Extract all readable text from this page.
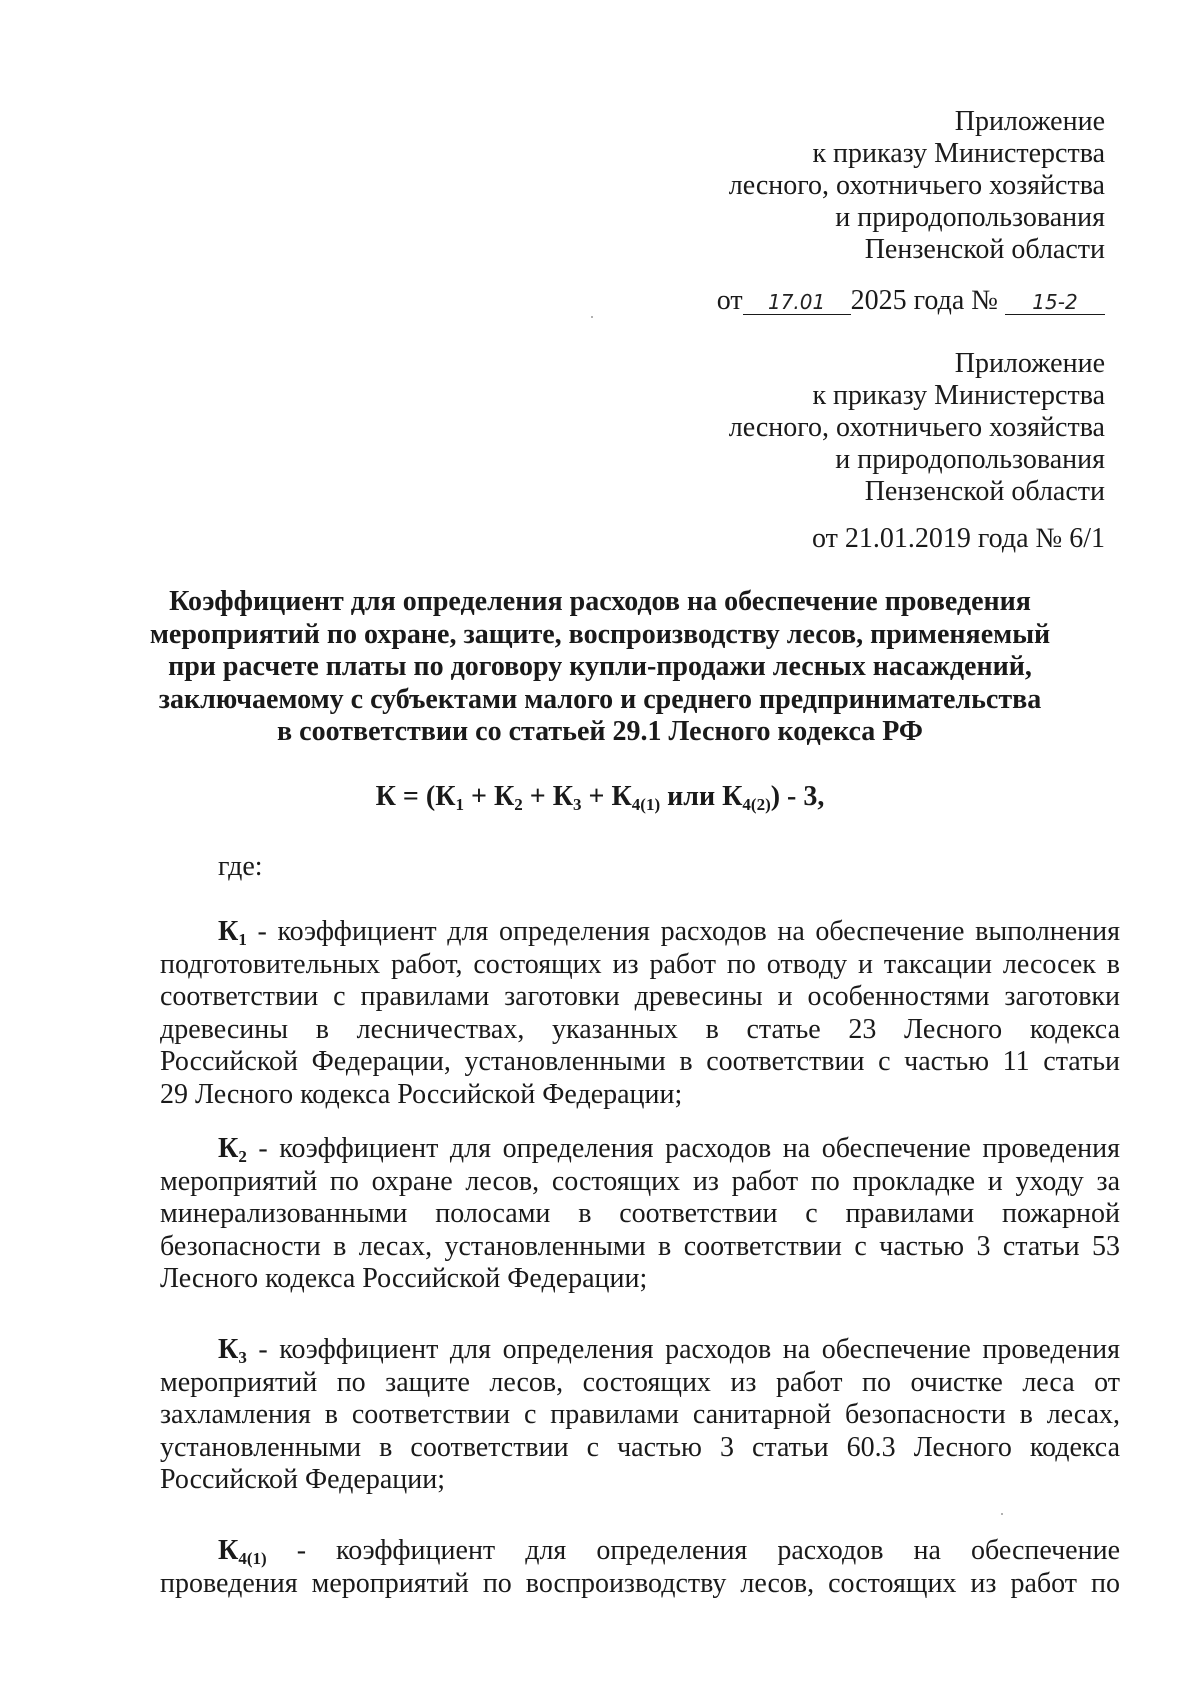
Приложение
к приказу Министерства
лесного, охотничьего хозяйства
и природопользования
Пензенской области
от 17.01 2025 года № 15-2
Приложение
к приказу Министерства
лесного, охотничьего хозяйства
и природопользования
Пензенской области
от 21.01.2019 года № 6/1
Коэффициент для определения расходов на обеспечение проведения
мероприятий по охране, защите, воспроизводству лесов, применяемый
при расчете платы по договору купли-продажи лесных насаждений,
заключаемому с субъектами малого и среднего предпринимательства
в соответствии со статьей 29.1 Лесного кодекса РФ
$К = (К_1 + К_2 + К_3 + К_{4(1)}$ или $К_{4(2)}) - 3$,
где:
$К_1$ - коэффициент для определения расходов на обеспечение выполнения
подготовительных работ, состоящих из работ по отводу и таксации лесосек в
соответствии с правилами заготовки древесины и особенностями заготовки
древесины в лесничествах, указанных в статье 23 Лесного кодекса
Российской Федерации, установленными в соответствии с частью 11 статьи
29 Лесного кодекса Российской Федерации;
$К_2$ - коэффициент для определения расходов на обеспечение проведения
мероприятий по охране лесов, состоящих из работ по прокладке и уходу за
минерализованными полосами в соответствии с правилами пожарной
безопасности в лесах, установленными в соответствии с частью 3 статьи 53
Лесного кодекса Российской Федерации;
$К_3$ - коэффициент для определения расходов на обеспечение проведения
мероприятий по защите лесов, состоящих из работ по очистке леса от
захламления в соответствии с правилами санитарной безопасности в лесах,
установленными в соответствии с частью 3 статьи 60.3 Лесного кодекса
Российской Федерации;
$К_{4(1)}$ - коэффициент для определения расходов на обеспечение
проведения мероприятий по воспроизводству лесов, состоящих из работ по
